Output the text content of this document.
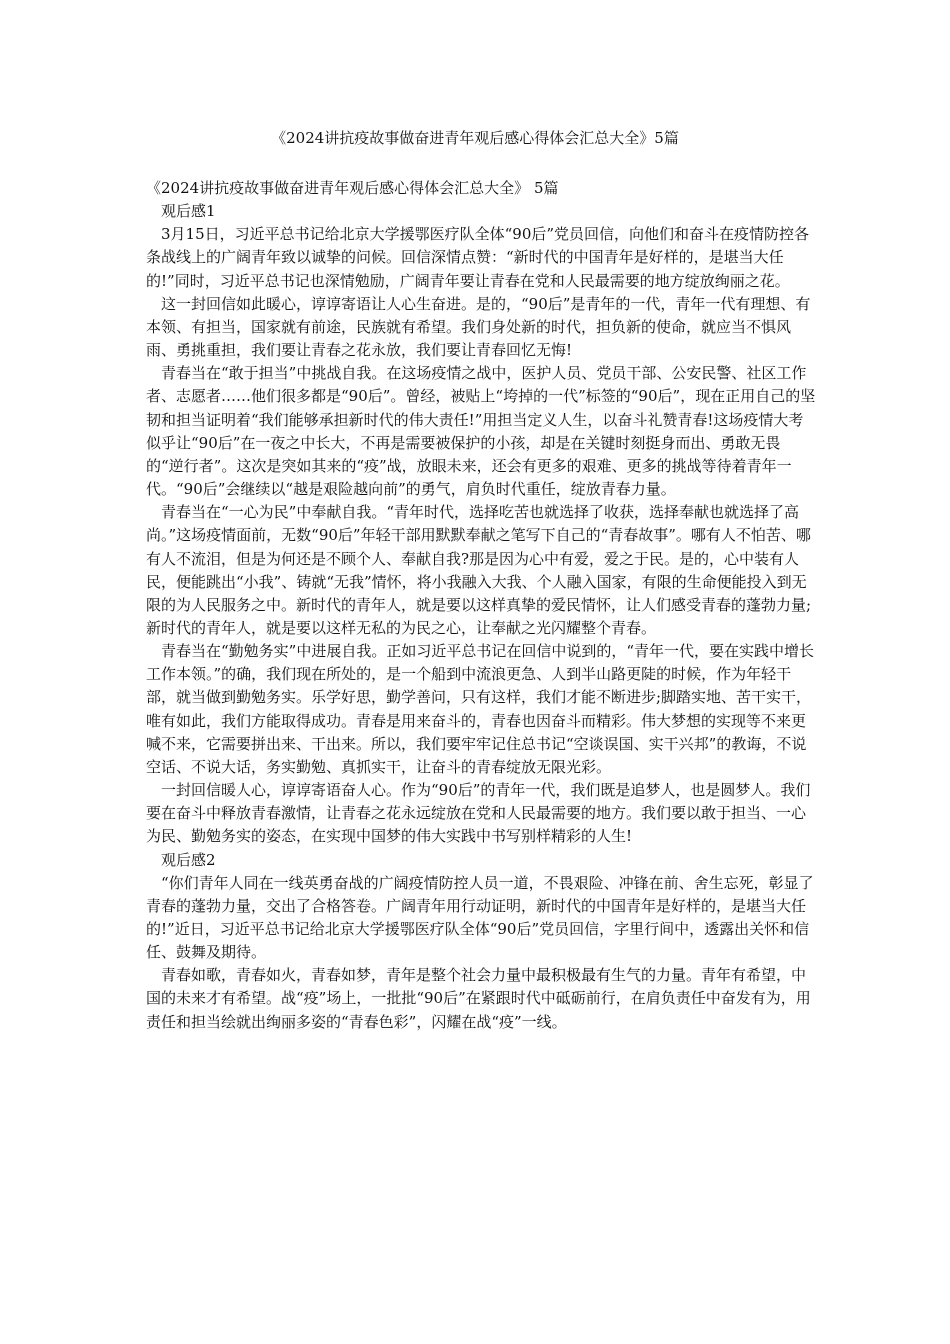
《2024讲抗疫故事做奋进青年观后感心得体会汇总大全》5篇

《2024讲抗疫故事做奋进青年观后感心得体会汇总大全》 5篇

观后感1

3月15日，习近平总书记给北京大学援鄂医疗队全体“90后”党员回信，向他们和奋斗在疫情防控各条战线上的广阔青年致以诚挚的问候。回信深情点赞：“新时代的中国青年是好样的，是堪当大任的!”同时，习近平总书记也深情勉励，广阔青年要让青春在党和人民最需要的地方绽放绚丽之花。

这一封回信如此暖心，谆谆寄语让人心生奋进。是的，“90后”是青年的一代，青年一代有理想、有本领、有担当，国家就有前途，民族就有希望。我们身处新的时代，担负新的使命，就应当不惧风雨、勇挑重担，我们要让青春之花永放，我们要让青春回忆无悔!

青春当在“敢于担当”中挑战自我。在这场疫情之战中，医护人员、党员干部、公安民警、社区工作者、志愿者……他们很多都是“90后”。曾经，被贴上“垮掉的一代”标签的“90后”，现在正用自己的坚韧和担当证明着“我们能够承担新时代的伟大责任!”用担当定义人生，以奋斗礼赞青春!这场疫情大考似乎让“90后”在一夜之中长大，不再是需要被保护的小孩，却是在关键时刻挺身而出、勇敢无畏的“逆行者”。这次是突如其来的“疫”战，放眼未来，还会有更多的艰难、更多的挑战等待着青年一代。“90后”会继续以“越是艰险越向前”的勇气，肩负时代重任，绽放青春力量。

青春当在“一心为民”中奉献自我。“青年时代，选择吃苦也就选择了收获，选择奉献也就选择了高尚。”这场疫情面前，无数“90后”年轻干部用默默奉献之笔写下自己的“青春故事”。哪有人不怕苦、哪有人不流泪，但是为何还是不顾个人、奉献自我?那是因为心中有爱，爱之于民。是的，心中装有人民，便能跳出“小我”、铸就“无我”情怀，将小我融入大我、个人融入国家，有限的生命便能投入到无限的为人民服务之中。新时代的青年人，就是要以这样真挚的爱民情怀，让人们感受青春的蓬勃力量;新时代的青年人，就是要以这样无私的为民之心，让奉献之光闪耀整个青春。

青春当在“勤勉务实”中进展自我。正如习近平总书记在回信中说到的，“青年一代，要在实践中增长工作本领。”的确，我们现在所处的，是一个船到中流浪更急、人到半山路更陡的时候，作为年轻干部，就当做到勤勉务实。乐学好思，勤学善问，只有这样，我们才能不断进步;脚踏实地、苦干实干，唯有如此，我们方能取得成功。青春是用来奋斗的，青春也因奋斗而精彩。伟大梦想的实现等不来更喊不来，它需要拼出来、干出来。所以，我们要牢牢记住总书记“空谈误国、实干兴邦”的教诲，不说空话、不说大话，务实勤勉、真抓实干，让奋斗的青春绽放无限光彩。

一封回信暖人心，谆谆寄语奋人心。作为“90后”的青年一代，我们既是追梦人，也是圆梦人。我们要在奋斗中释放青春激情，让青春之花永远绽放在党和人民最需要的地方。我们要以敢于担当、一心为民、勤勉务实的姿态，在实现中国梦的伟大实践中书写别样精彩的人生!

观后感2

“你们青年人同在一线英勇奋战的广阔疫情防控人员一道，不畏艰险、冲锋在前、舍生忘死，彰显了青春的蓬勃力量，交出了合格答卷。广阔青年用行动证明，新时代的中国青年是好样的，是堪当大任的!”近日，习近平总书记给北京大学援鄂医疗队全体“90后”党员回信，字里行间中，透露出关怀和信任、鼓舞及期待。

青春如歌，青春如火，青春如梦，青年是整个社会力量中最积极最有生气的力量。青年有希望，中国的未来才有希望。战“疫”场上，一批批“90后”在紧跟时代中砥砺前行，在肩负责任中奋发有为，用责任和担当绘就出绚丽多姿的“青春色彩”，闪耀在战“疫”一线。
